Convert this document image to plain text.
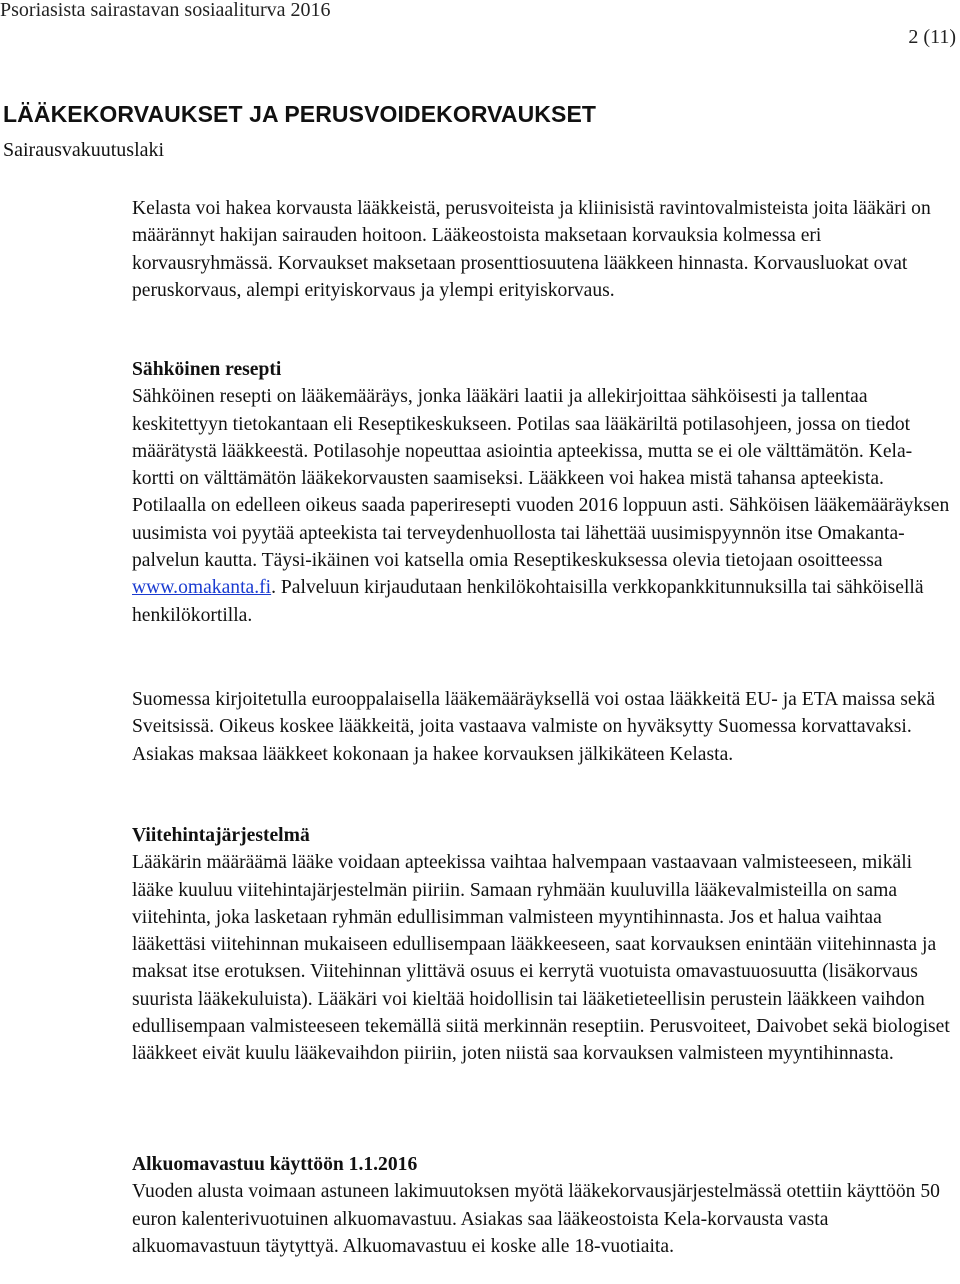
Psoriasista sairastavan sosiaaliturva 2016
2 (11)
LÄÄKEKORVAUKSET JA PERUSVOIDEKORVAUKSET
Sairausvakuutuslaki

Kelasta voi hakea korvausta lääkkeistä, perusvoiteista ja kliinisistä ravintovalmisteista joita lääkäri on määrännyt hakijan sairauden hoitoon. Lääkeostoista maksetaan korvauksia kolmessa eri korvausryhmässä. Korvaukset maksetaan prosenttiosuutena lääkkeen hinnasta. Korvausluokat ovat peruskorvaus, alempi erityiskorvaus ja ylempi erityiskorvaus.

Sähköinen resepti
Sähköinen resepti on lääkemääräys, jonka lääkäri laatii ja allekirjoittaa sähköisesti ja tallentaa keskitettyyn tietokantaan eli Reseptikeskukseen. Potilas saa lääkäriltä potilasohjeen, jossa on tiedot määrätystä lääkkeestä. Potilasohje nopeuttaa asiointia apteekissa, mutta se ei ole välttämätön. Kela-kortti on välttämätön lääkekorvausten saamiseksi. Lääkkeen voi hakea mistä tahansa apteekista. Potilaalla on edelleen oikeus saada paperiresepti vuoden 2016 loppuun asti. Sähköisen lääkemääräyksen uusimista voi pyytää apteekista tai terveydenhuollosta tai lähettää uusimispyynnön itse Omakanta-palvelun kautta. Täysi-ikäinen voi katsella omia Reseptikeskuksessa olevia tietojaan osoitteessa www.omakanta.fi. Palveluun kirjaudutaan henkilökohtaisilla verkkopankkitunnuksilla tai sähköisellä henkilökortilla.

Suomessa kirjoitetulla eurooppalaisella lääkemääräyksellä voi ostaa lääkkeitä EU- ja ETA maissa sekä Sveitsissä. Oikeus koskee lääkkeitä, joita vastaava valmiste on hyväksytty Suomessa korvattavaksi. Asiakas maksaa lääkkeet kokonaan ja hakee korvauksen jälkikäteen Kelasta.

Viitehintajärjestelmä
Lääkärin määräämä lääke voidaan apteekissa vaihtaa halvempaan vastaavaan valmisteeseen, mikäli lääke kuuluu viitehintajärjestelmän piiriin. Samaan ryhmään kuuluvilla lääkevalmisteilla on sama viitehinta, joka lasketaan ryhmän edullisimman valmisteen myyntihinnasta. Jos et halua vaihtaa lääkettäsi viitehinnan mukaiseen edullisempaan lääkkeeseen, saat korvauksen enintään viitehinnasta ja maksat itse erotuksen. Viitehinnan ylittävä osuus ei kerrytä vuotuista omavastuuosuutta (lisäkorvaus suurista lääkekuluista). Lääkäri voi kieltää hoidollisin tai lääketieteellisin perustein lääkkeen vaihdon edullisempaan valmisteeseen tekemällä siitä merkinnän reseptiin. Perusvoiteet, Daivobet sekä biologiset lääkkeet eivät kuulu lääkevaihdon piiriin, joten niistä saa korvauksen valmisteen myyntihinnasta.
Alkuomavastuu käyttöön 1.1.2016
Vuoden alusta voimaan astuneen lakimuutoksen myötä lääkekorvausjärjestelmässä otettiin käyttöön 50 euron kalenterivuotuinen alkuomavastuu. Asiakas saa lääkeostoista Kela-korvausta vasta alkuomavastuun täytyttyä. Alkuomavastuu ei koske alle 18-vuotiaita.
